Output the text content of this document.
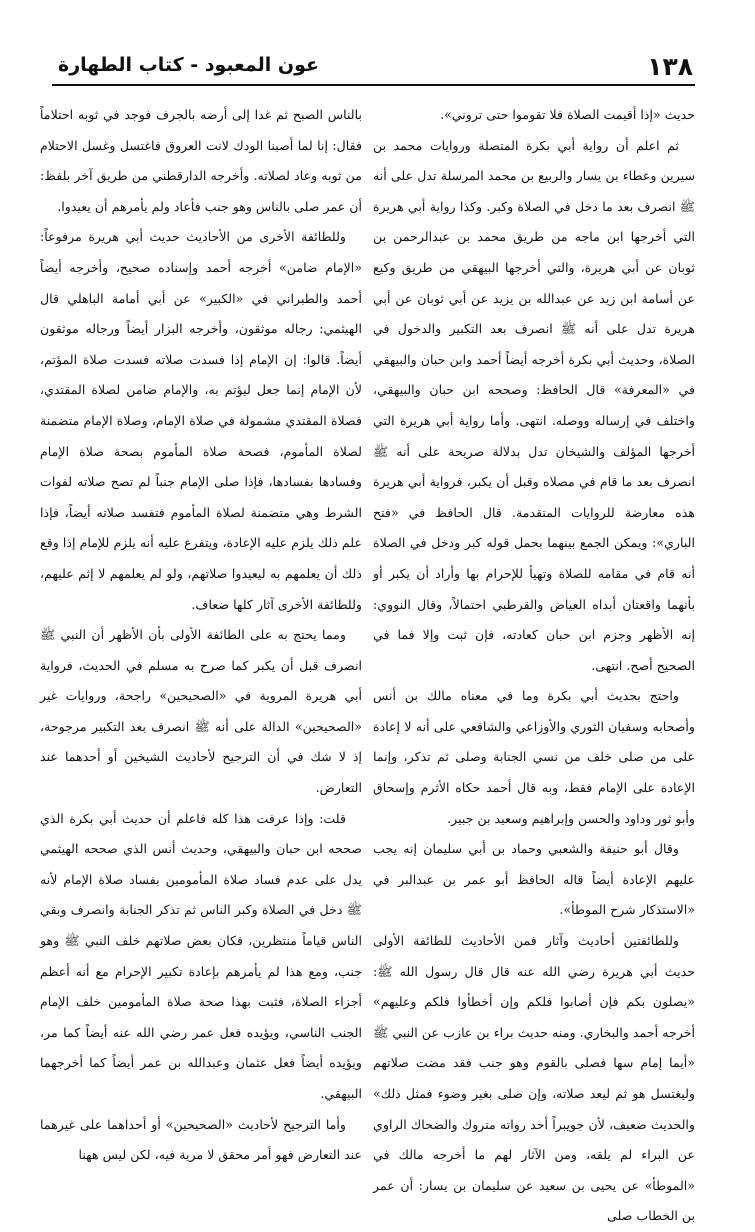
١٣٨
عون المعبود - كتاب الطهارة

حديث «إذا أقيمت الصلاة فلا تقوموا حتى تروني».

ثم اعلم أن رواية أبي بكرة المتصلة وروايات محمد بن سيرين وعطاء بن يسار والربيع بن محمد المرسلة تدل على أنه ﷺ انصرف بعد ما دخل في الصلاة وكبر. وكذا رواية أبي هريرة التي أخرجها ابن ماجه من طريق محمد بن عبدالرحمن بن ثوبان عن أبي هريرة، والتي أخرجها البيهقي من طريق وكيع عن أسامة ابن زيد عن عبدالله بن يزيد عن أبي ثوبان عن أبي هريرة تدل على أنه ﷺ انصرف بعد التكبير والدخول في الصلاة، وحديث أبي بكرة أخرجه أيضاً أحمد وابن حبان والبيهقي في «المعرفة» قال الحافظ: وصححه ابن حبان والبيهقي، واختلف في إرساله ووصله. انتهى. وأما رواية أبي هريرة التي أخرجها المؤلف والشيخان تدل بدلالة صريحة على أنه ﷺ انصرف بعد ما قام في مصلاه وقبل أن يكبر، فرواية أبي هريرة هذه معارضة للروايات المتقدمة. قال الحافظ في «فتح الباري»: ويمكن الجمع بينهما بحمل قوله كبر ودخل في الصلاة أنه قام في مقامه للصلاة وتهيأ للإحرام بها وأراد أن يكبر أو بأنهما واقعتان أبداه العياض والقرطبي احتمالاً، وقال النووي: إنه الأظهر وجزم ابن حبان كعادته، فإن ثبت وإلا فما في الصحيح أصح. انتهى.

واحتج بحديث أبي بكرة وما في معناه مالك بن أنس وأصحابه وسفيان الثوري والأوزاعي والشافعي على أنه لا إعادة على من صلى خلف من نسي الجنابة وصلى ثم تذكر، وإنما الإعادة على الإمام فقط، وبه قال أحمد حكاه الأثرم وإسحاق وأبو ثور وداود والحسن وإبراهيم وسعيد بن جبير.

وقال أبو حنيفة والشعبي وحماد بن أبي سليمان إنه يجب عليهم الإعادة أيضاً قاله الحافظ أبو عمر بن عبدالبر في «الاستذكار شرح الموطأ».

وللطائفتين أحاديث وآثار فمن الأحاديث للطائفة الأولى حديث أبي هريرة رضي الله عنه قال قال رسول الله ﷺ: «يصلون بكم فإن أصابوا فلكم وإن أخطأوا فلكم وعليهم» أخرجه أحمد والبخاري. ومنه حديث براء بن عازب عن النبي ﷺ «أيما إمام سها فصلى بالقوم وهو جنب فقد مضت صلاتهم وليغتسل هو ثم ليعد صلاته، وإن صلى بغير وضوء فمثل ذلك» والحديث ضعيف، لأن جويبراً أحد رواته متروك والضحاك الراوي عن البراء لم يلقه، ومن الآثار لهم ما أخرجه مالك في «الموطأ» عن يحيى بن سعيد عن سليمان بن يسار: أن عمر بن الخطاب صلى

بالناس الصبح ثم غدا إلى أرضه بالجرف فوجد في ثوبه احتلاماً فقال: إنا لما أصبنا الودك لانت العروق فاغتسل وغسل الاحتلام من ثوبه وعاد لصلاته. وأخرجه الدارقطني من طريق آخر بلفظ: أن عمر صلى بالناس وهو جنب فأعاد ولم يأمرهم أن يعيدوا.

وللطائفة الأخرى من الأحاديث حديث أبي هريرة مرفوعاً: «الإمام ضامن» أخرجه أحمد وإسناده صحيح، وأخرجه أيضاً أحمد والطبراني في «الكبير» عن أبي أمامة الباهلي قال الهيثمي: رجاله موثقون، وأخرجه البزار أيضاً ورجاله موثقون أيضاً. قالوا: إن الإمام إذا فسدت صلاته فسدت صلاة المؤتم، لأن الإمام إنما جعل ليؤتم به، والإمام ضامن لصلاة المقتدي، فصلاة المقتدي مشمولة في صلاة الإمام، وصلاة الإمام متضمنة لصلاة المأموم، فصحة صلاة المأموم بصحة صلاة الإمام وفسادها بفسادها، فإذا صلى الإمام جنباً لم تصح صلاته لفوات الشرط وهي متضمنة لصلاة المأموم فتفسد صلاته أيضاً، فإذا علم ذلك يلزم عليه الإعادة، ويتفرع عليه أنه يلزم للإمام إذا وقع ذلك أن يعلمهم به ليعيدوا صلاتهم، ولو لم يعلمهم لا إثم عليهم، وللطائفة الأخرى آثار كلها ضعاف.

ومما يحتج به على الطائفة الأولى بأن الأظهر أن النبي ﷺ انصرف قبل أن يكبر كما صرح به مسلم في الحديث، فرواية أبي هريرة المروية في «الصحيحين» راجحة، وروايات غير «الصحيحين» الدالة على أنه ﷺ انصرف بعد التكبير مرجوحة، إذ لا شك في أن الترجيح لأحاديث الشيخين أو أحدهما عند التعارض.

قلت: وإذا عرفت هذا كله فاعلم أن حديث أبي بكرة الذي صححه ابن حبان والبيهقي، وحديث أنس الذي صححه الهيثمي يدل على عدم فساد صلاة المأمومين بفساد صلاة الإمام لأنه ﷺ دخل في الصلاة وكبر الناس ثم تذكر الجنابة وانصرف وبقي الناس قياماً منتظرين، فكان بعض صلاتهم خلف النبي ﷺ وهو جنب، ومع هذا لم يأمرهم بإعادة تكبير الإحرام مع أنه أعظم أجزاء الصلاة، فثبت بهذا صحة صلاة المأمومين خلف الإمام الجنب الناسي، ويؤيده فعل عمر رضي الله عنه أيضاً كما مر، ويؤيده أيضاً فعل عثمان وعبدالله بن عمر أيضاً كما أخرجهما البيهقي.

وأما الترجيح لأحاديث «الصحيحين» أو أحداهما على غيرهما عند التعارض فهو أمر محقق لا مرية فيه، لكن ليس ههنا
